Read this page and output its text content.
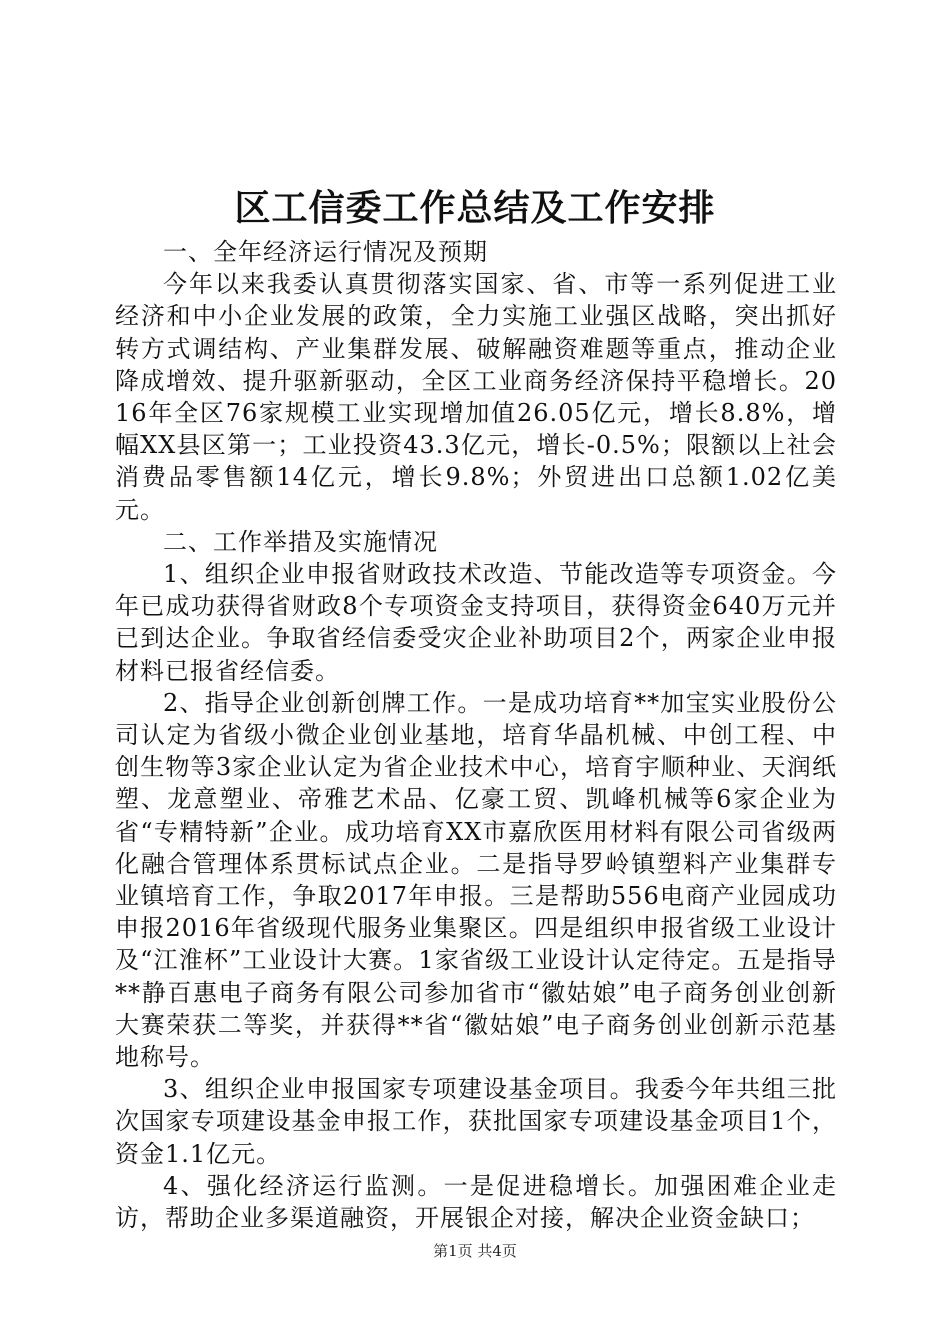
区工信委工作总结及工作安排

一、全年经济运行情况及预期

今年以来我委认真贯彻落实国家、省、市等一系列促进工业经济和中小企业发展的政策，全力实施工业强区战略，突出抓好转方式调结构、产业集群发展、破解融资难题等重点，推动企业降成增效、提升驱新驱动，全区工业商务经济保持平稳增长。2016年全区76家规模工业实现增加值26.05亿元，增长8.8%，增幅XX县区第一；工业投资43.3亿元，增长-0.5%；限额以上社会消费品零售额14亿元，增长9.8%；外贸进出口总额1.02亿美元。

二、工作举措及实施情况

1、组织企业申报省财政技术改造、节能改造等专项资金。今年已成功获得省财政8个专项资金支持项目，获得资金640万元并已到达企业。争取省经信委受灾企业补助项目2个，两家企业申报材料已报省经信委。

2、指导企业创新创牌工作。一是成功培育**加宝实业股份公司认定为省级小微企业创业基地，培育华晶机械、中创工程、中创生物等3家企业认定为省企业技术中心，培育宇顺种业、天润纸塑、龙意塑业、帝雅艺术品、亿豪工贸、凯峰机械等6家企业为省“专精特新”企业。成功培育XX市嘉欣医用材料有限公司省级两化融合管理体系贯标试点企业。二是指导罗岭镇塑料产业集群专业镇培育工作，争取2017年申报。三是帮助556电商产业园成功申报2016年省级现代服务业集聚区。四是组织申报省级工业设计及“江淮杯”工业设计大赛。1家省级工业设计认定待定。五是指导**静百惠电子商务有限公司参加省市“徽姑娘”电子商务创业创新大赛荣获二等奖，并获得**省“徽姑娘”电子商务创业创新示范基地称号。

3、组织企业申报国家专项建设基金项目。我委今年共组三批次国家专项建设基金申报工作，获批国家专项建设基金项目1个，资金1.1亿元。

4、强化经济运行监测。一是促进稳增长。加强困难企业走访，帮助企业多渠道融资，开展银企对接，解决企业资金缺口；

第1页 共4页
